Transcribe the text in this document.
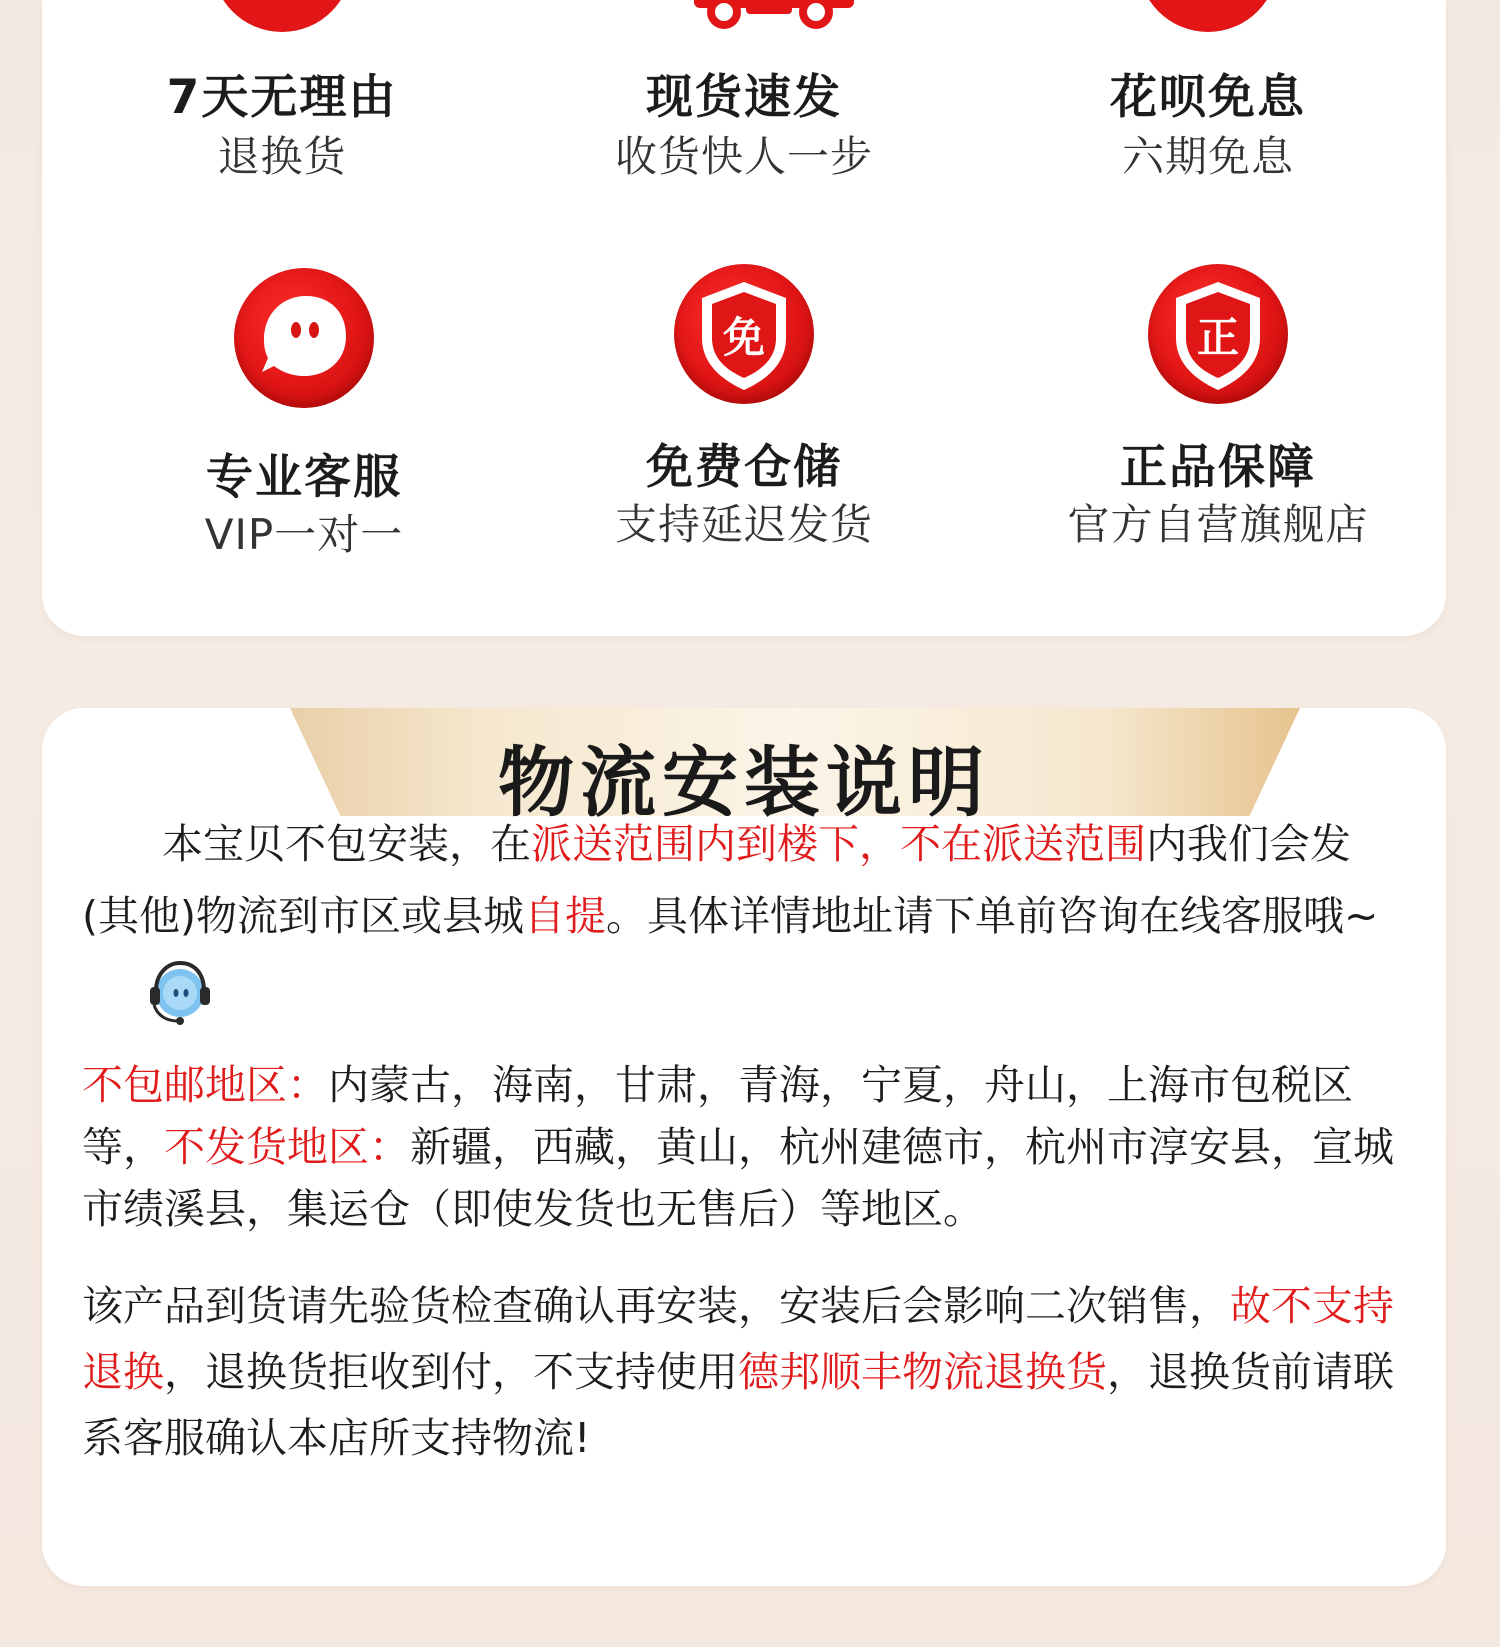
7天无理由
退换货
现货速发
收货快人一步
花呗免息
六期免息
专业客服
VIP一对一
免
免费仓储
支持延迟发货
正
正品保障
官方自营旗舰店
物流安装说明
本宝贝不包安装，在派送范围内到楼下，不在派送范围内我们会发(其他)物流到市区或县城自提。具体详情地址请下单前咨询在线客服哦~
不包邮地区：内蒙古，海南，甘肃，青海，宁夏，舟山，上海市包税区等，不发货地区：新疆，西藏，黄山，杭州建德市，杭州市淳安县，宣城市绩溪县，集运仓（即使发货也无售后）等地区。
该产品到货请先验货检查确认再安装，安装后会影响二次销售，故不支持退换，退换货拒收到付，不支持使用德邦顺丰物流退换货，退换货前请联系客服确认本店所支持物流!
